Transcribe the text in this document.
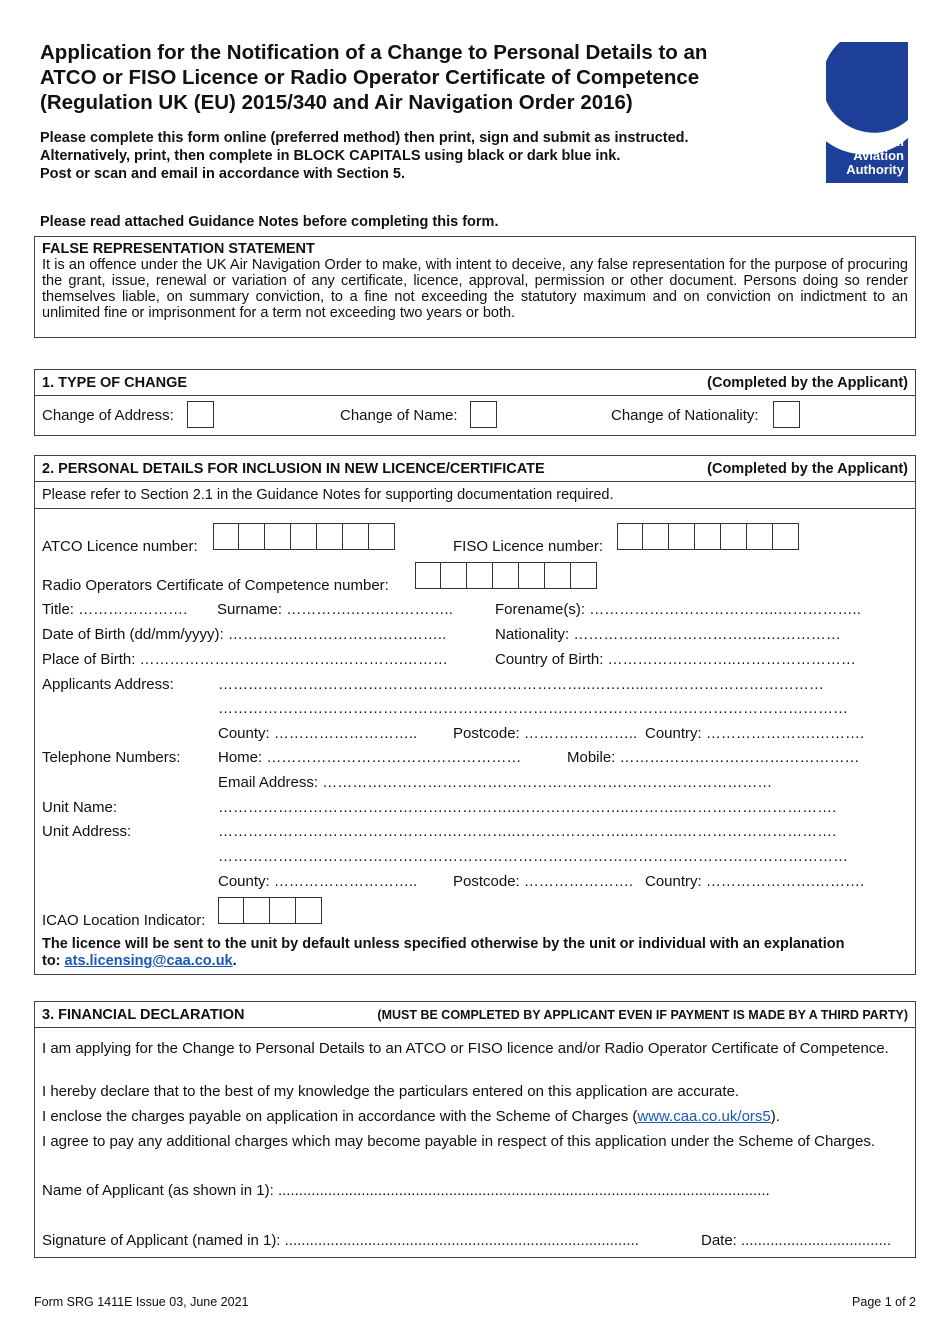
Application for the Notification of a Change to Personal Details to an
ATCO or FISO Licence or Radio Operator Certificate of Competence
(Regulation UK (EU) 2015/340 and Air Navigation Order 2016)
Please complete this form online (preferred method) then print, sign and submit as instructed.
Alternatively, print, then complete in BLOCK CAPITALS using black or dark blue ink.
Post or scan and email in accordance with Section 5.
Civil Aviation
Authority
Please read attached Guidance Notes before completing this form.
FALSE REPRESENTATION STATEMENT
It is an offence under the UK Air Navigation Order to make, with intent to deceive, any false representation for the purpose of procuring the grant, issue, renewal or variation of any certificate, licence, approval, permission or other document. Persons doing so render themselves liable, on summary conviction, to a fine not exceeding the statutory maximum and on conviction on indictment to an unlimited fine or imprisonment for a term not exceeding two years or both.
1. TYPE OF CHANGE	(Completed by the Applicant)
Change of Address:	Change of Name:	Change of Nationality:
2. PERSONAL DETAILS FOR INCLUSION IN NEW LICENCE/CERTIFICATE	(Completed by the Applicant)
Please refer to Section 2.1 in the Guidance Notes for supporting documentation required.
ATCO Licence number:	FISO Licence number:
Radio Operators Certificate of Competence number:
Title: …………………. Surname: ………….…….…………..	Forename(s): ………………………………..……………..
Date of Birth (dd/mm/yyyy): ……………………………………..	Nationality: …………….…………………..……………
Place of Birth: ………………………………….………….………	Country of Birth: ……………………..……………………
Applicants Address:	……………………………………………….………………..………..………………………………
………………………………………………………………………………………………………………
County: ……………………….. Postcode: ………………….. Country: ………………….……….
Telephone Numbers:	Home: ……………………………………………	Mobile: …………………………………………
Email Address: ………………………………………………………………………………
Unit Name:	……………………………………….…………..…………………..………..………………………….
Unit Address:	……………………………………….…………..…………………..………..………………………….
………………………………………………………………………………………………………………
County: ……………………….. Postcode: …………………. Country: ………………….……….
ICAO Location Indicator:
The licence will be sent to the unit by default unless specified otherwise by the unit or individual with an explanation
to: ats.licensing@caa.co.uk.
3. FINANCIAL DECLARATION	(MUST BE COMPLETED BY APPLICANT EVEN IF PAYMENT IS MADE BY A THIRD PARTY)
I am applying for the Change to Personal Details to an ATCO or FISO licence and/or Radio Operator Certificate of Competence.
I hereby declare that to the best of my knowledge the particulars entered on this application are accurate.
I enclose the charges payable on application in accordance with the Scheme of Charges (www.caa.co.uk/ors5).
I agree to pay any additional charges which may become payable in respect of this application under the Scheme of Charges.
Name of Applicant (as shown in 1): ......................................................................................................................
Signature of Applicant (named in 1): .....................................................................................	Date: ....................................
Form SRG 1411E Issue 03, June 2021	Page 1 of 2
